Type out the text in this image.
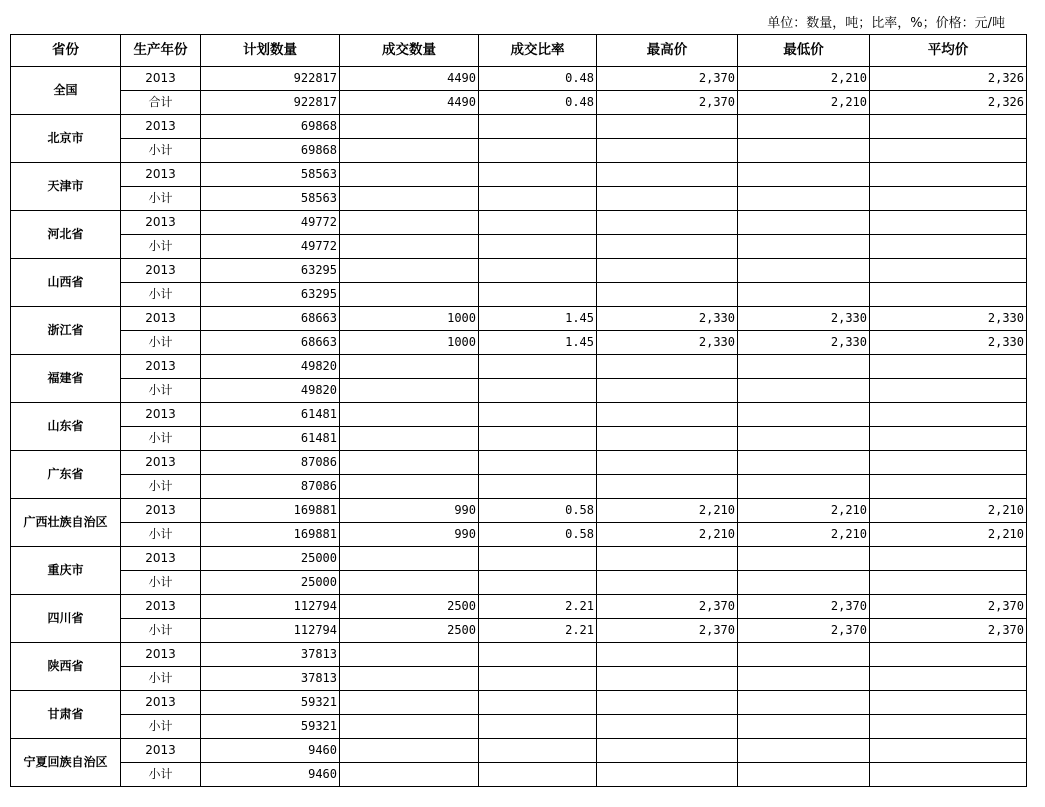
单位：数量，吨；比率，%；价格：元/吨
省份	生产年份	计划数量	成交数量	成交比率	最高价	最低价	平均价
全国	2013	922817	4490	0.48	2,370	2,210	2,326
	合计	922817	4490	0.48	2,370	2,210	2,326
北京市	2013	69868					
	小计	69868					
天津市	2013	58563					
	小计	58563					
河北省	2013	49772					
	小计	49772					
山西省	2013	63295					
	小计	63295					
浙江省	2013	68663	1000	1.45	2,330	2,330	2,330
	小计	68663	1000	1.45	2,330	2,330	2,330
福建省	2013	49820					
	小计	49820					
山东省	2013	61481					
	小计	61481					
广东省	2013	87086					
	小计	87086					
广西壮族自治区	2013	169881	990	0.58	2,210	2,210	2,210
	小计	169881	990	0.58	2,210	2,210	2,210
重庆市	2013	25000					
	小计	25000					
四川省	2013	112794	2500	2.21	2,370	2,370	2,370
	小计	112794	2500	2.21	2,370	2,370	2,370
陕西省	2013	37813					
	小计	37813					
甘肃省	2013	59321					
	小计	59321					
宁夏回族自治区	2013	9460					
	小计	9460					
